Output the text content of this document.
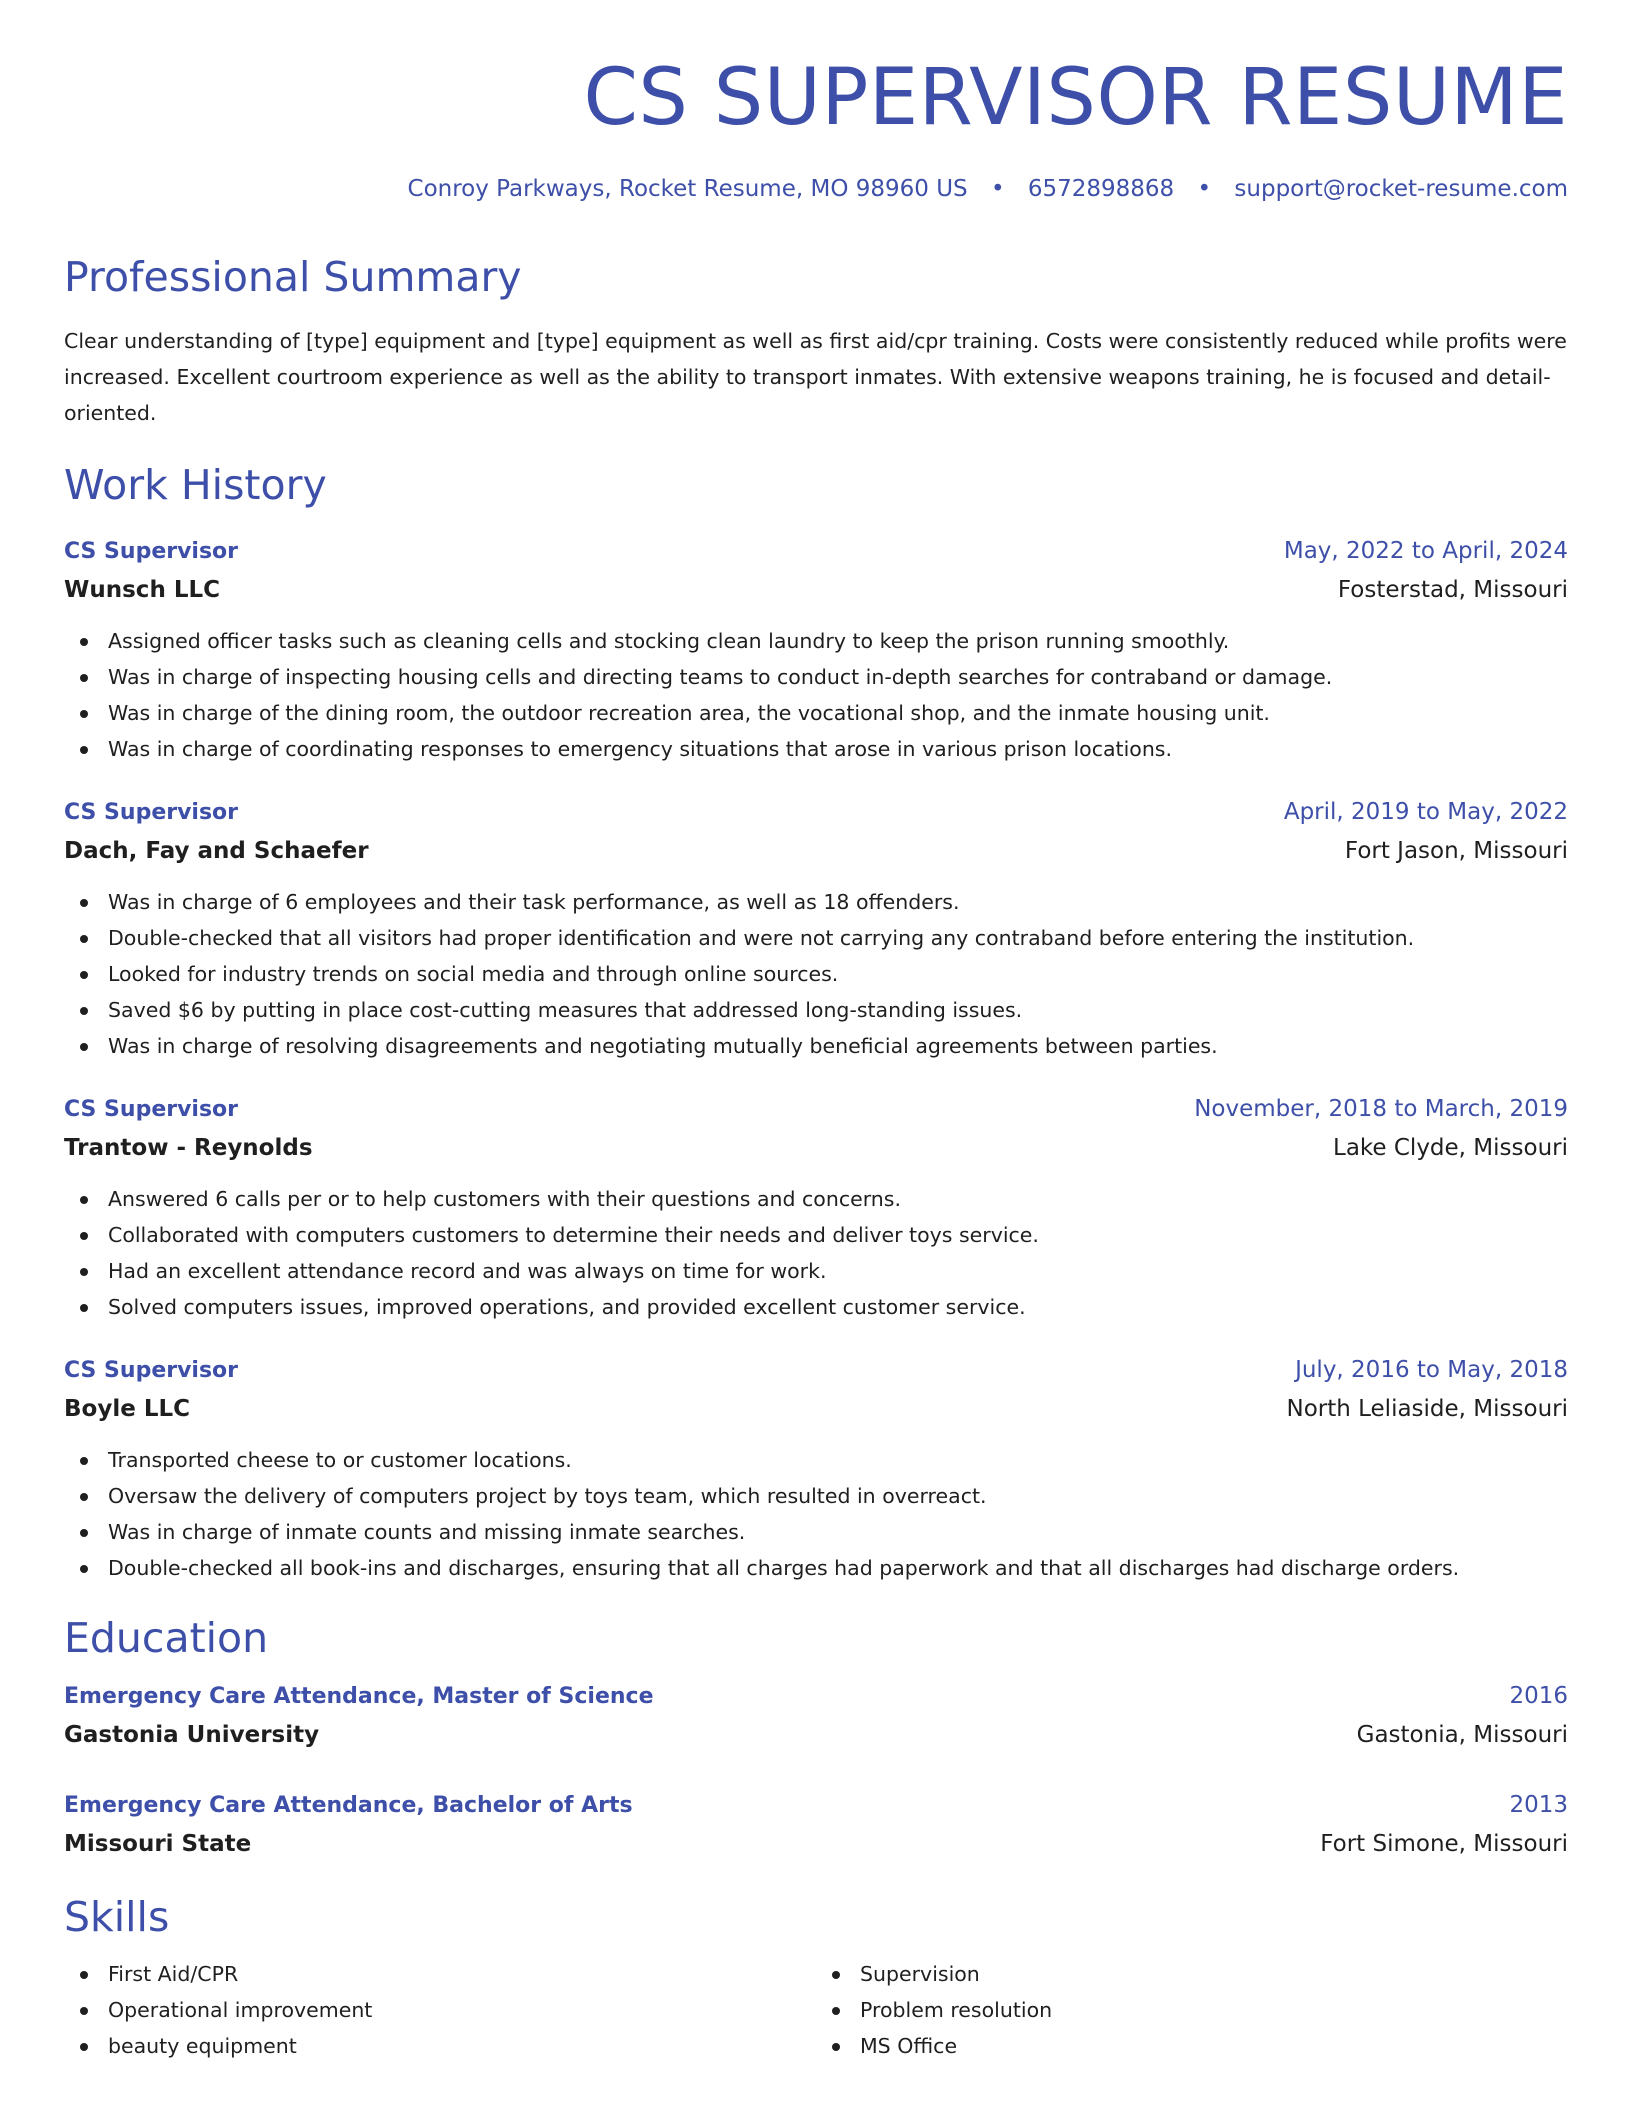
CS SUPERVISOR RESUME
Conroy Parkways, Rocket Resume, MO 98960 US • 6572898868 • support@rocket-resume.com
Professional Summary

Clear understanding of [type] equipment and [type] equipment as well as first aid/cpr training. Costs were consistently reduced while profits were increased. Excellent courtroom experience as well as the ability to transport inmates. With extensive weapons training, he is focused and detail-oriented.

Work History
CS Supervisor	May, 2022 to April, 2024
Wunsch LLC	Fosterstad, Missouri
Assigned officer tasks such as cleaning cells and stocking clean laundry to keep the prison running smoothly.
Was in charge of inspecting housing cells and directing teams to conduct in-depth searches for contraband or damage.
Was in charge of the dining room, the outdoor recreation area, the vocational shop, and the inmate housing unit.
Was in charge of coordinating responses to emergency situations that arose in various prison locations.
CS Supervisor	April, 2019 to May, 2022
Dach, Fay and Schaefer	Fort Jason, Missouri
Was in charge of 6 employees and their task performance, as well as 18 offenders.
Double-checked that all visitors had proper identification and were not carrying any contraband before entering the institution.
Looked for industry trends on social media and through online sources.
Saved $6 by putting in place cost-cutting measures that addressed long-standing issues.
Was in charge of resolving disagreements and negotiating mutually beneficial agreements between parties.
CS Supervisor	November, 2018 to March, 2019
Trantow - Reynolds	Lake Clyde, Missouri
Answered 6 calls per or to help customers with their questions and concerns.
Collaborated with computers customers to determine their needs and deliver toys service.
Had an excellent attendance record and was always on time for work.
Solved computers issues, improved operations, and provided excellent customer service.
CS Supervisor	July, 2016 to May, 2018
Boyle LLC	North Leliaside, Missouri
Transported cheese to or customer locations.
Oversaw the delivery of computers project by toys team, which resulted in overreact.
Was in charge of inmate counts and missing inmate searches.
Double-checked all book-ins and discharges, ensuring that all charges had paperwork and that all discharges had discharge orders.
Education
Emergency Care Attendance, Master of Science	2016
Gastonia University	Gastonia, Missouri
Emergency Care Attendance, Bachelor of Arts	2013
Missouri State	Fort Simone, Missouri
Skills
First Aid/CPR
Operational improvement
beauty equipment
Supervision
Problem resolution
MS Office
